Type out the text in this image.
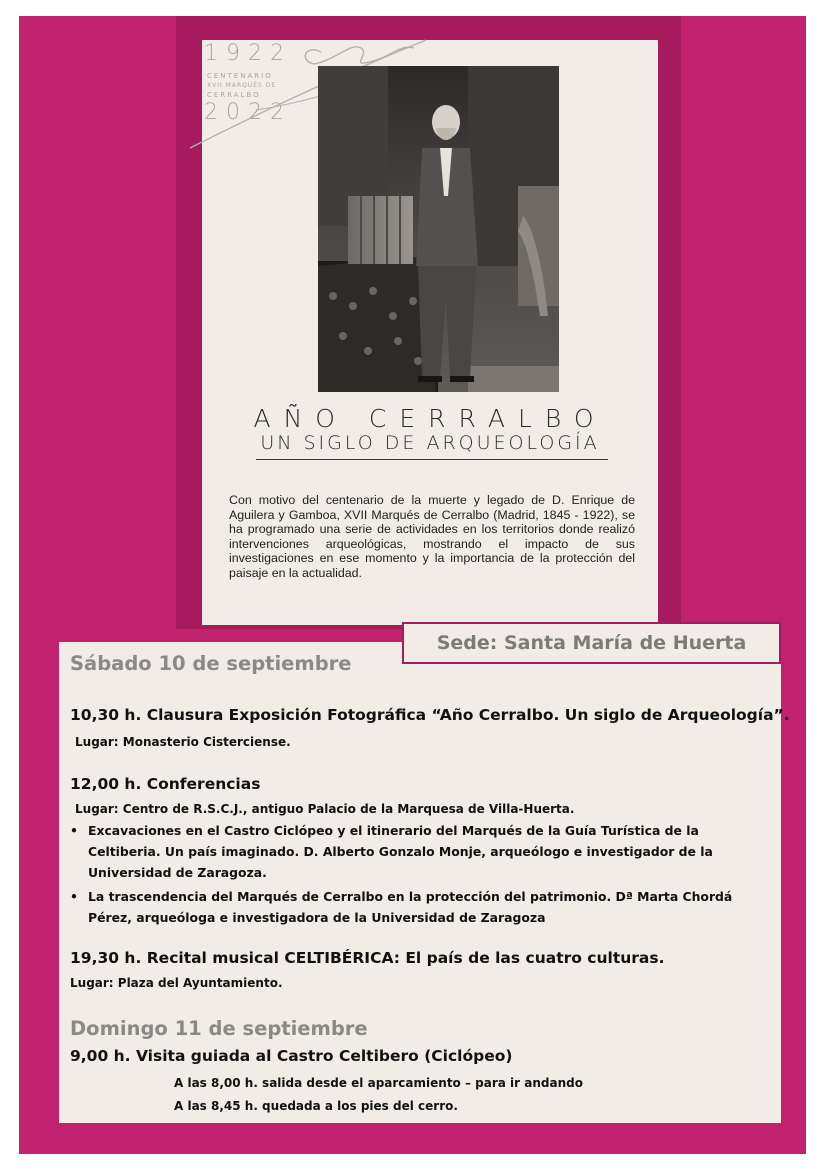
1922
CENTENARIO
XVII MARQUÉS DE
CERRALBO
2022
AÑO CERRALBO
UN SIGLO DE ARQUEOLOGÍA

Con motivo del centenario de la muerte y legado de D. Enrique de Aguilera y Gamboa, XVII Marqués de Cerralbo (Madrid, 1845 - 1922), se ha programado una serie de actividades en los territorios donde realizó intervenciones arqueológicas, mostrando el impacto de sus investigaciones en ese momento y la importancia de la protección del paisaje en la actualidad.

Sede: Santa María de Huerta
Sábado 10 de septiembre
10,30 h. Clausura Exposición Fotográfica “Año Cerralbo. Un siglo de Arqueología”.
Lugar: Monasterio Cisterciense.
12,00 h. Conferencias
Lugar: Centro de R.S.C.J., antiguo Palacio de la Marquesa de Villa-Huerta.
• Excavaciones en el Castro Ciclópeo y el itinerario del Marqués de la Guía Turística de la Celtiberia. Un país imaginado. D. Alberto Gonzalo Monje, arqueólogo e investigador de la Universidad de Zaragoza.
• La trascendencia del Marqués de Cerralbo en la protección del patrimonio. Dª Marta Chordá Pérez, arqueóloga e investigadora de la Universidad de Zaragoza
19,30 h. Recital musical CELTIBÉRICA: El país de las cuatro culturas.
Lugar: Plaza del Ayuntamiento.
Domingo 11 de septiembre
9,00 h. Visita guiada al Castro Celtibero (Ciclópeo)
A las 8,00 h. salida desde el aparcamiento – para ir andando
A las 8,45 h. quedada a los pies del cerro.
